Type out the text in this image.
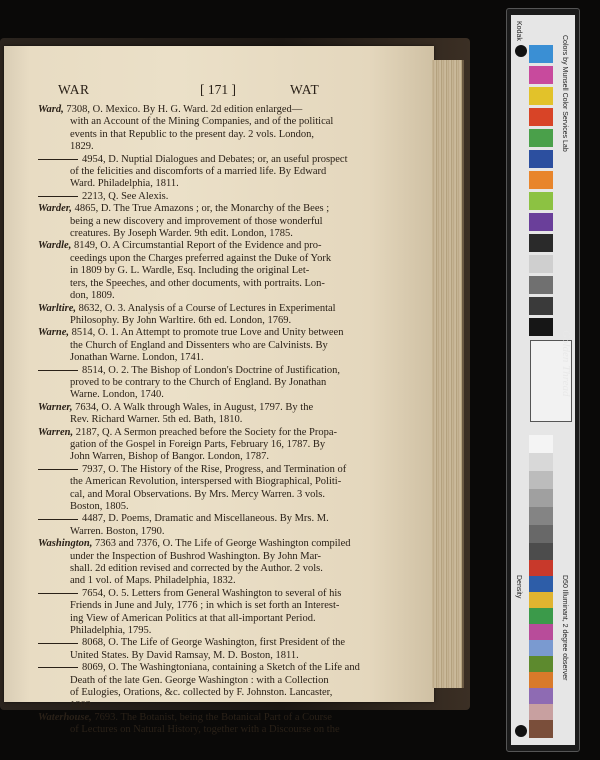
WAR	[ 171 ]	WAT
Ward, 7308, O. Mexico. By H. G. Ward. 2d edition enlarged—
with an Account of the Mining Companies, and of the political
events in that Republic to the present day. 2 vols. London,
1829.
4954, D. Nuptial Dialogues and Debates; or, an useful prospect
of the felicities and discomforts of a married life. By Edward
Ward. Philadelphia, 1811.
2213, Q. See Alexis.
Warder, 4865, D. The True Amazons ; or, the Monarchy of the Bees ;
being a new discovery and improvement of those wonderful
creatures. By Joseph Warder. 9th edit. London, 1785.
Wardle, 8149, O. A Circumstantial Report of the Evidence and pro-
ceedings upon the Charges preferred against the Duke of York
in 1809 by G. L. Wardle, Esq. Including the original Let-
ters, the Speeches, and other documents, with portraits. Lon-
don, 1809.
Warltire, 8632, O. 3. Analysis of a Course of Lectures in Experimental
Philosophy. By John Warltire. 6th ed. London, 1769.
Warne, 8514, O. 1. An Attempt to promote true Love and Unity between
the Church of England and Dissenters who are Calvinists. By
Jonathan Warne. London, 1741.
8514, O. 2. The Bishop of London's Doctrine of Justification,
proved to be contrary to the Church of England. By Jonathan
Warne. London, 1740.
Warner, 7634, O. A Walk through Wales, in August, 1797. By the
Rev. Richard Warner. 5th ed. Bath, 1810.
Warren, 2187, Q. A Sermon preached before the Society for the Propa-
gation of the Gospel in Foreign Parts, February 16, 1787. By
John Warren, Bishop of Bangor. London, 1787.
7937, O. The History of the Rise, Progress, and Termination of
the American Revolution, interspersed with Biographical, Politi-
cal, and Moral Observations. By Mrs. Mercy Warren. 3 vols.
Boston, 1805.
4487, D. Poems, Dramatic and Miscellaneous. By Mrs. M.
Warren. Boston, 1790.
Washington, 7363 and 7376, O. The Life of George Washington compiled
under the Inspection of Bushrod Washington. By John Mar-
shall. 2d edition revised and corrected by the Author. 2 vols.
and 1 vol. of Maps. Philadelphia, 1832.
7654, O. 5. Letters from General Washington to several of his
Friends in June and July, 1776 ; in which is set forth an Interest-
ing View of American Politics at that all-important Period.
Philadelphia, 1795.
8068, O. The Life of George Washington, first President of the
United States. By David Ramsay, M. D. Boston, 1811.
8069, O. The Washingtoniana, containing a Sketch of the Life and
Death of the late Gen. George Washington : with a Collection
of Eulogies, Orations, &c. collected by F. Johnston. Lancaster,
1802.
Waterhouse, 7693. The Botanist, being the Botanical Part of a Course
of Lectures on Natural History, together with a Discourse on the
Kodak
Colors by Munsell Color Services Lab
Density	D50 Illuminant, 2 degree observer
Golden Thread
